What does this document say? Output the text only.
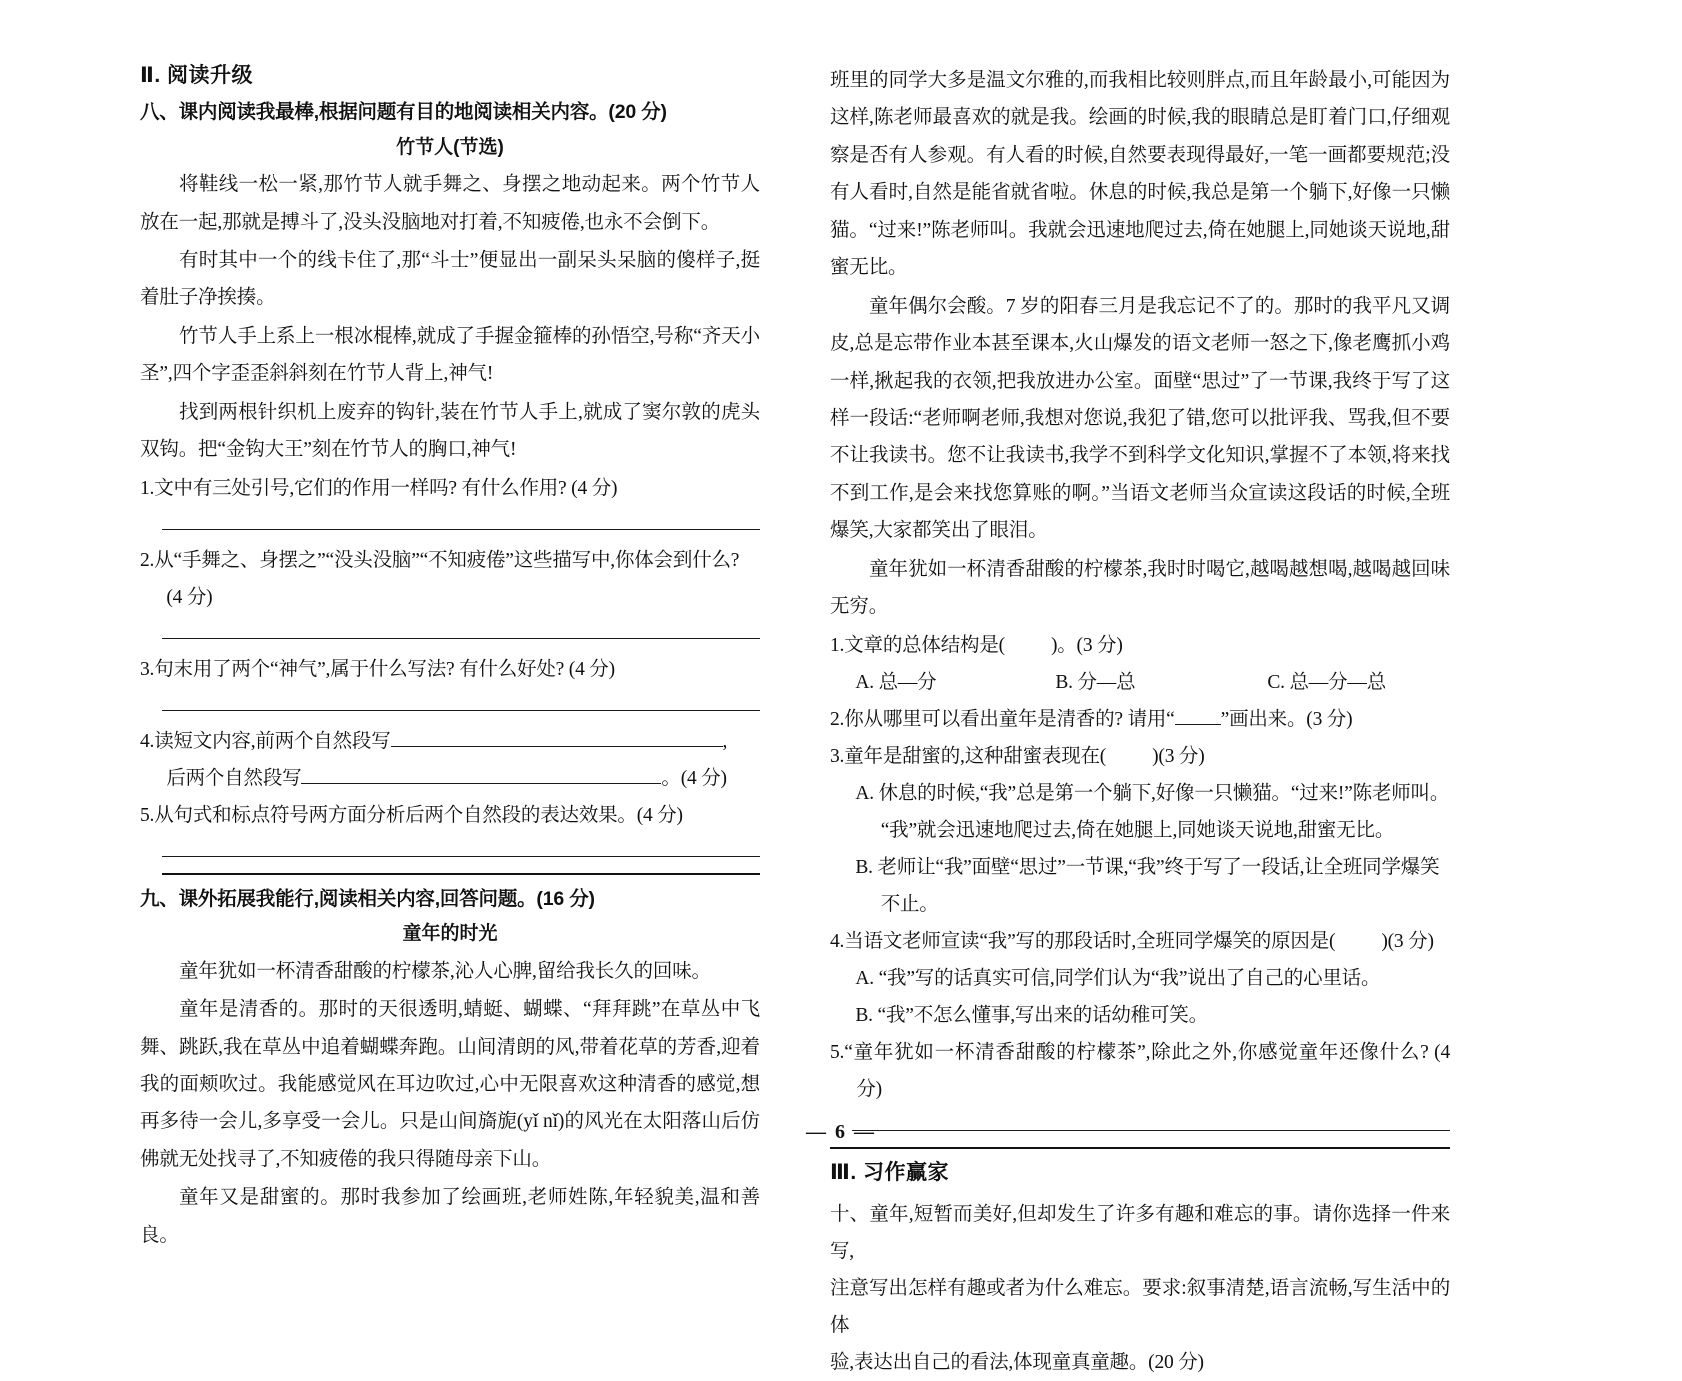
Ⅱ. 阅读升级
八、课内阅读我最棒,根据问题有目的地阅读相关内容。(20 分)
竹节人(节选)

将鞋线一松一紧,那竹节人就手舞之、身摆之地动起来。两个竹节人放在一起,那就是搏斗了,没头没脑地对打着,不知疲倦,也永不会倒下。

有时其中一个的线卡住了,那“斗士”便显出一副呆头呆脑的傻样子,挺着肚子净挨揍。

竹节人手上系上一根冰棍棒,就成了手握金箍棒的孙悟空,号称“齐天小圣”,四个字歪歪斜斜刻在竹节人背上,神气!

找到两根针织机上废弃的钩针,装在竹节人手上,就成了窦尔敦的虎头双钩。把“金钩大王”刻在竹节人的胸口,神气!

1.文中有三处引号,它们的作用一样吗? 有什么作用? (4 分)

2.从“手舞之、身摆之”“没头没脑”“不知疲倦”这些描写中,你体会到什么?

(4 分)

3.句末用了两个“神气”,属于什么写法? 有什么好处? (4 分)

4.读短文内容,前两个自然段写	,

后两个自然段写	。(4 分)

5.从句式和标点符号两方面分析后两个自然段的表达效果。(4 分)

九、课外拓展我能行,阅读相关内容,回答问题。(16 分)
童年的时光

童年犹如一杯清香甜酸的柠檬茶,沁人心脾,留给我长久的回味。

童年是清香的。那时的天很透明,蜻蜓、蝴蝶、“拜拜跳”在草丛中飞舞、跳跃,我在草丛中追着蝴蝶奔跑。山间清朗的风,带着花草的芳香,迎着我的面颊吹过。我能感觉风在耳边吹过,心中无限喜欢这种清香的感觉,想再多待一会儿,多享受一会儿。只是山间旖旎(yǐ nǐ)的风光在太阳落山后仿佛就无处找寻了,不知疲倦的我只得随母亲下山。

童年又是甜蜜的。那时我参加了绘画班,老师姓陈,年轻貌美,温和善良。

班里的同学大多是温文尔雅的,而我相比较则胖点,而且年龄最小,可能因为这样,陈老师最喜欢的就是我。绘画的时候,我的眼睛总是盯着门口,仔细观察是否有人参观。有人看的时候,自然要表现得最好,一笔一画都要规范;没有人看时,自然是能省就省啦。休息的时候,我总是第一个躺下,好像一只懒猫。“过来!”陈老师叫。我就会迅速地爬过去,倚在她腿上,同她谈天说地,甜蜜无比。

童年偶尔会酸。7 岁的阳春三月是我忘记不了的。那时的我平凡又调皮,总是忘带作业本甚至课本,火山爆发的语文老师一怒之下,像老鹰抓小鸡一样,揪起我的衣领,把我放进办公室。面壁“思过”了一节课,我终于写了这样一段话:“老师啊老师,我想对您说,我犯了错,您可以批评我、骂我,但不要不让我读书。您不让我读书,我学不到科学文化知识,掌握不了本领,将来找不到工作,是会来找您算账的啊。”当语文老师当众宣读这段话的时候,全班爆笑,大家都笑出了眼泪。

童年犹如一杯清香甜酸的柠檬茶,我时时喝它,越喝越想喝,越喝越回味无穷。

1.文章的总体结构是( )。(3 分)

A. 总—分	B. 分—总	C. 总—分—总

2.你从哪里可以看出童年是清香的? 请用“ ”画出来。(3 分)

3.童年是甜蜜的,这种甜蜜表现在( )(3 分)

A. 休息的时候,“我”总是第一个躺下,好像一只懒猫。“过来!”陈老师叫。

“我”就会迅速地爬过去,倚在她腿上,同她谈天说地,甜蜜无比。

B. 老师让“我”面壁“思过”一节课,“我”终于写了一段话,让全班同学爆笑

不止。

4.当语文老师宣读“我”写的那段话时,全班同学爆笑的原因是( )(3 分)

A. “我”写的话真实可信,同学们认为“我”说出了自己的心里话。

B. “我”不怎么懂事,写出来的话幼稚可笑。

5.“童年犹如一杯清香甜酸的柠檬茶”,除此之外,你感觉童年还像什么? (4 分)

Ⅲ. 习作赢家

十、童年,短暂而美好,但却发生了许多有趣和难忘的事。请你选择一件来写,

注意写出怎样有趣或者为什么难忘。要求:叙事清楚,语言流畅,写生活中的体

验,表达出自己的看法,体现童真童趣。(20 分)

— 6 —
